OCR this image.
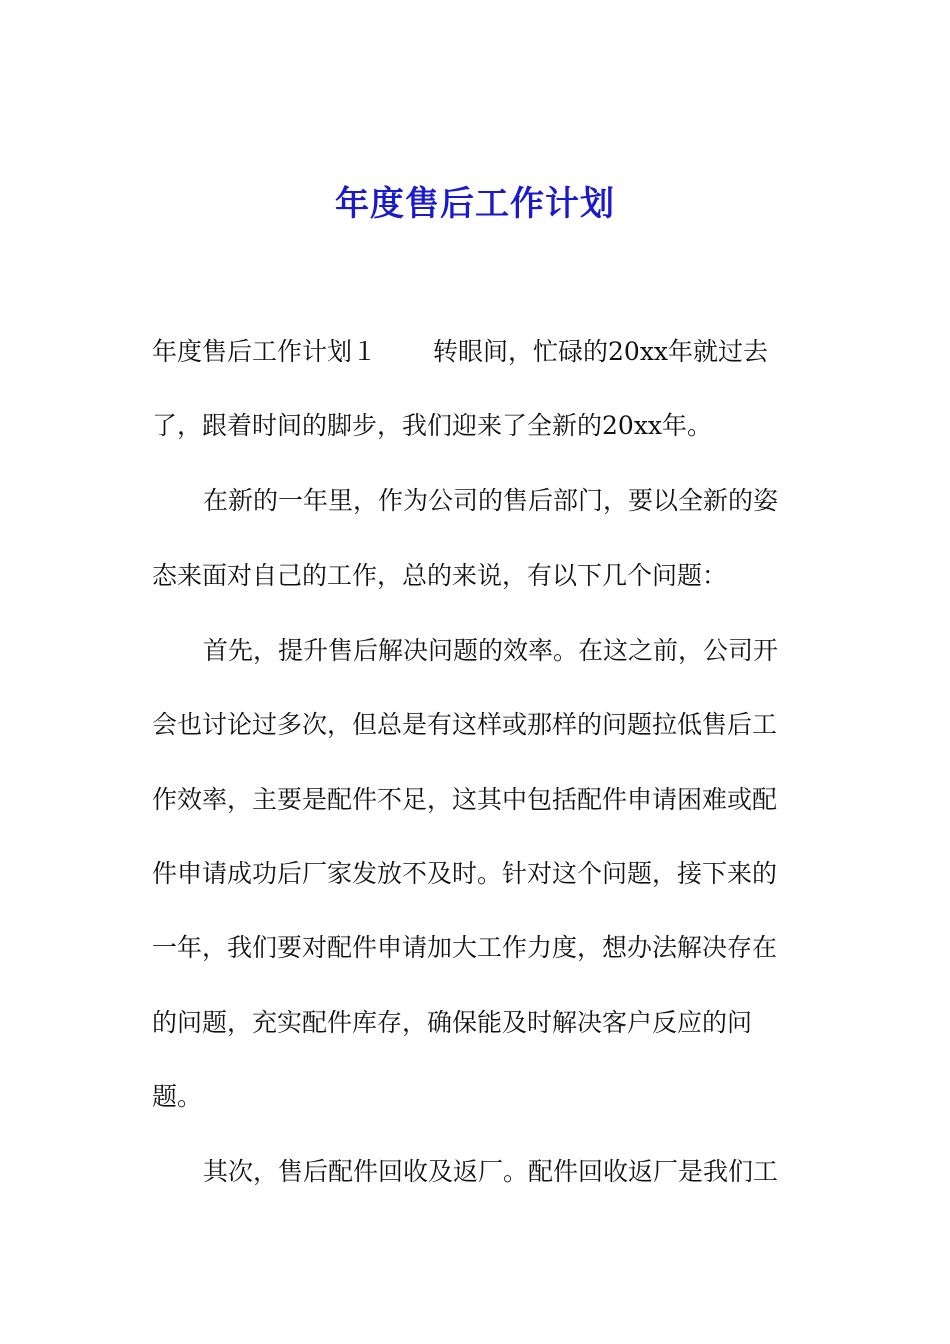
年度售后工作计划
年度售后工作计划１ 转眼间，忙碌的20xx年就过去
了，跟着时间的脚步，我们迎来了全新的20xx年。
在新的一年里，作为公司的售后部门，要以全新的姿
态来面对自己的工作，总的来说，有以下几个问题：
首先，提升售后解决问题的效率。在这之前，公司开
会也讨论过多次，但总是有这样或那样的问题拉低售后工
作效率，主要是配件不足，这其中包括配件申请困难或配
件申请成功后厂家发放不及时。针对这个问题，接下来的
一年，我们要对配件申请加大工作力度，想办法解决存在
的问题，充实配件库存，确保能及时解决客户反应的问
题。
其次，售后配件回收及返厂。配件回收返厂是我们工
